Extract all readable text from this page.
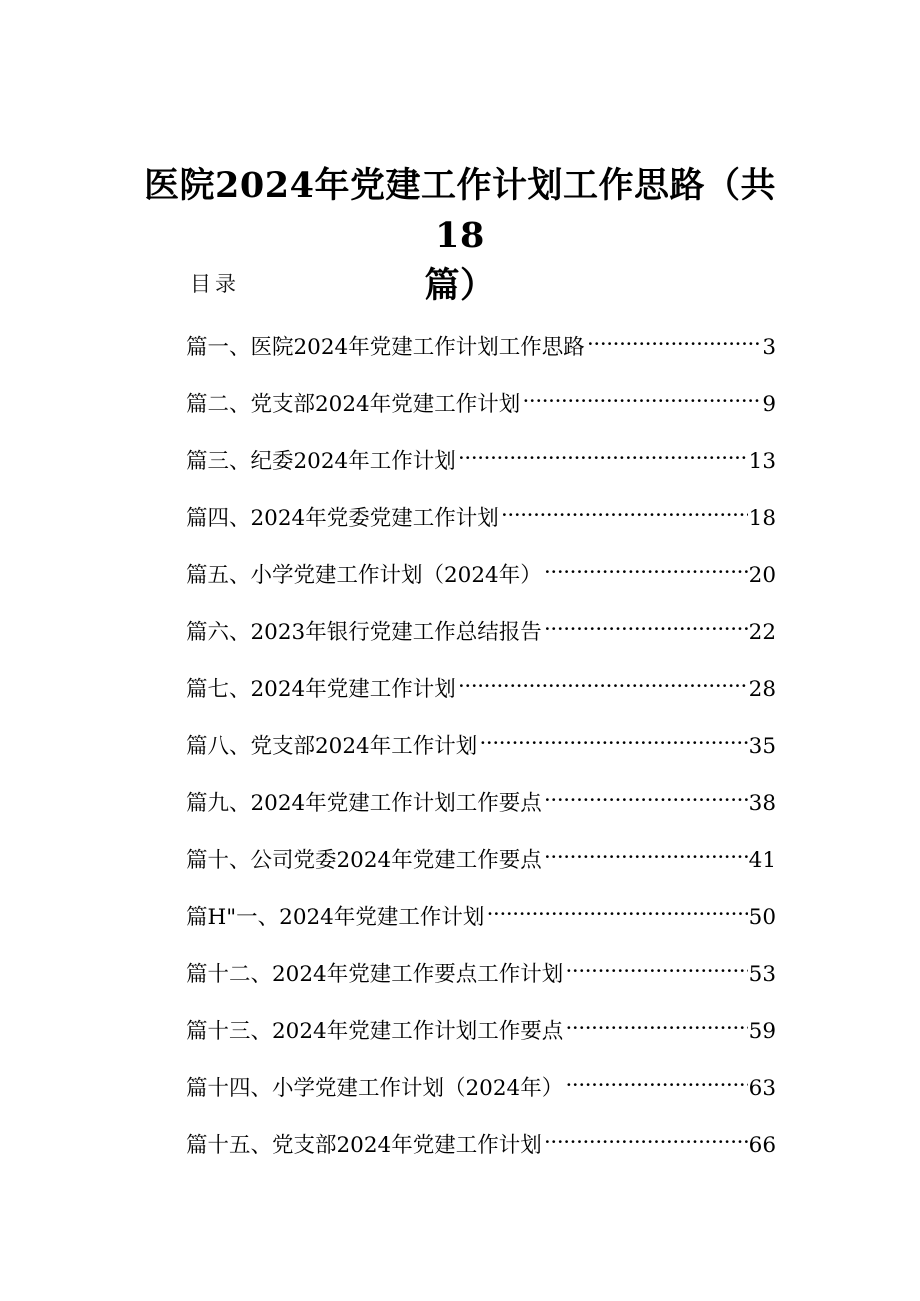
医院2024年党建工作计划工作思路（共18
篇）
目录
篇一、医院2024年党建工作计划工作思路 .....	3
篇二、党支部2024年党建工作计划 .....	9
篇三、纪委2024年工作计划 .....	13
篇四、2024年党委党建工作计划 .....	18
篇五、小学党建工作计划（2024年） .....	20
篇六、2023年银行党建工作总结报告 .....	22
篇七、2024年党建工作计划 .....	28
篇八、党支部2024年工作计划 .....	35
篇九、2024年党建工作计划工作要点 .....	38
篇十、公司党委2024年党建工作要点 .....	41
篇H"一、2024年党建工作计划 .....	50
篇十二、2024年党建工作要点工作计划 .....	53
篇十三、2024年党建工作计划工作要点 .....	59
篇十四、小学党建工作计划（2024年） .....	63
篇十五、党支部2024年党建工作计划 .....	66
